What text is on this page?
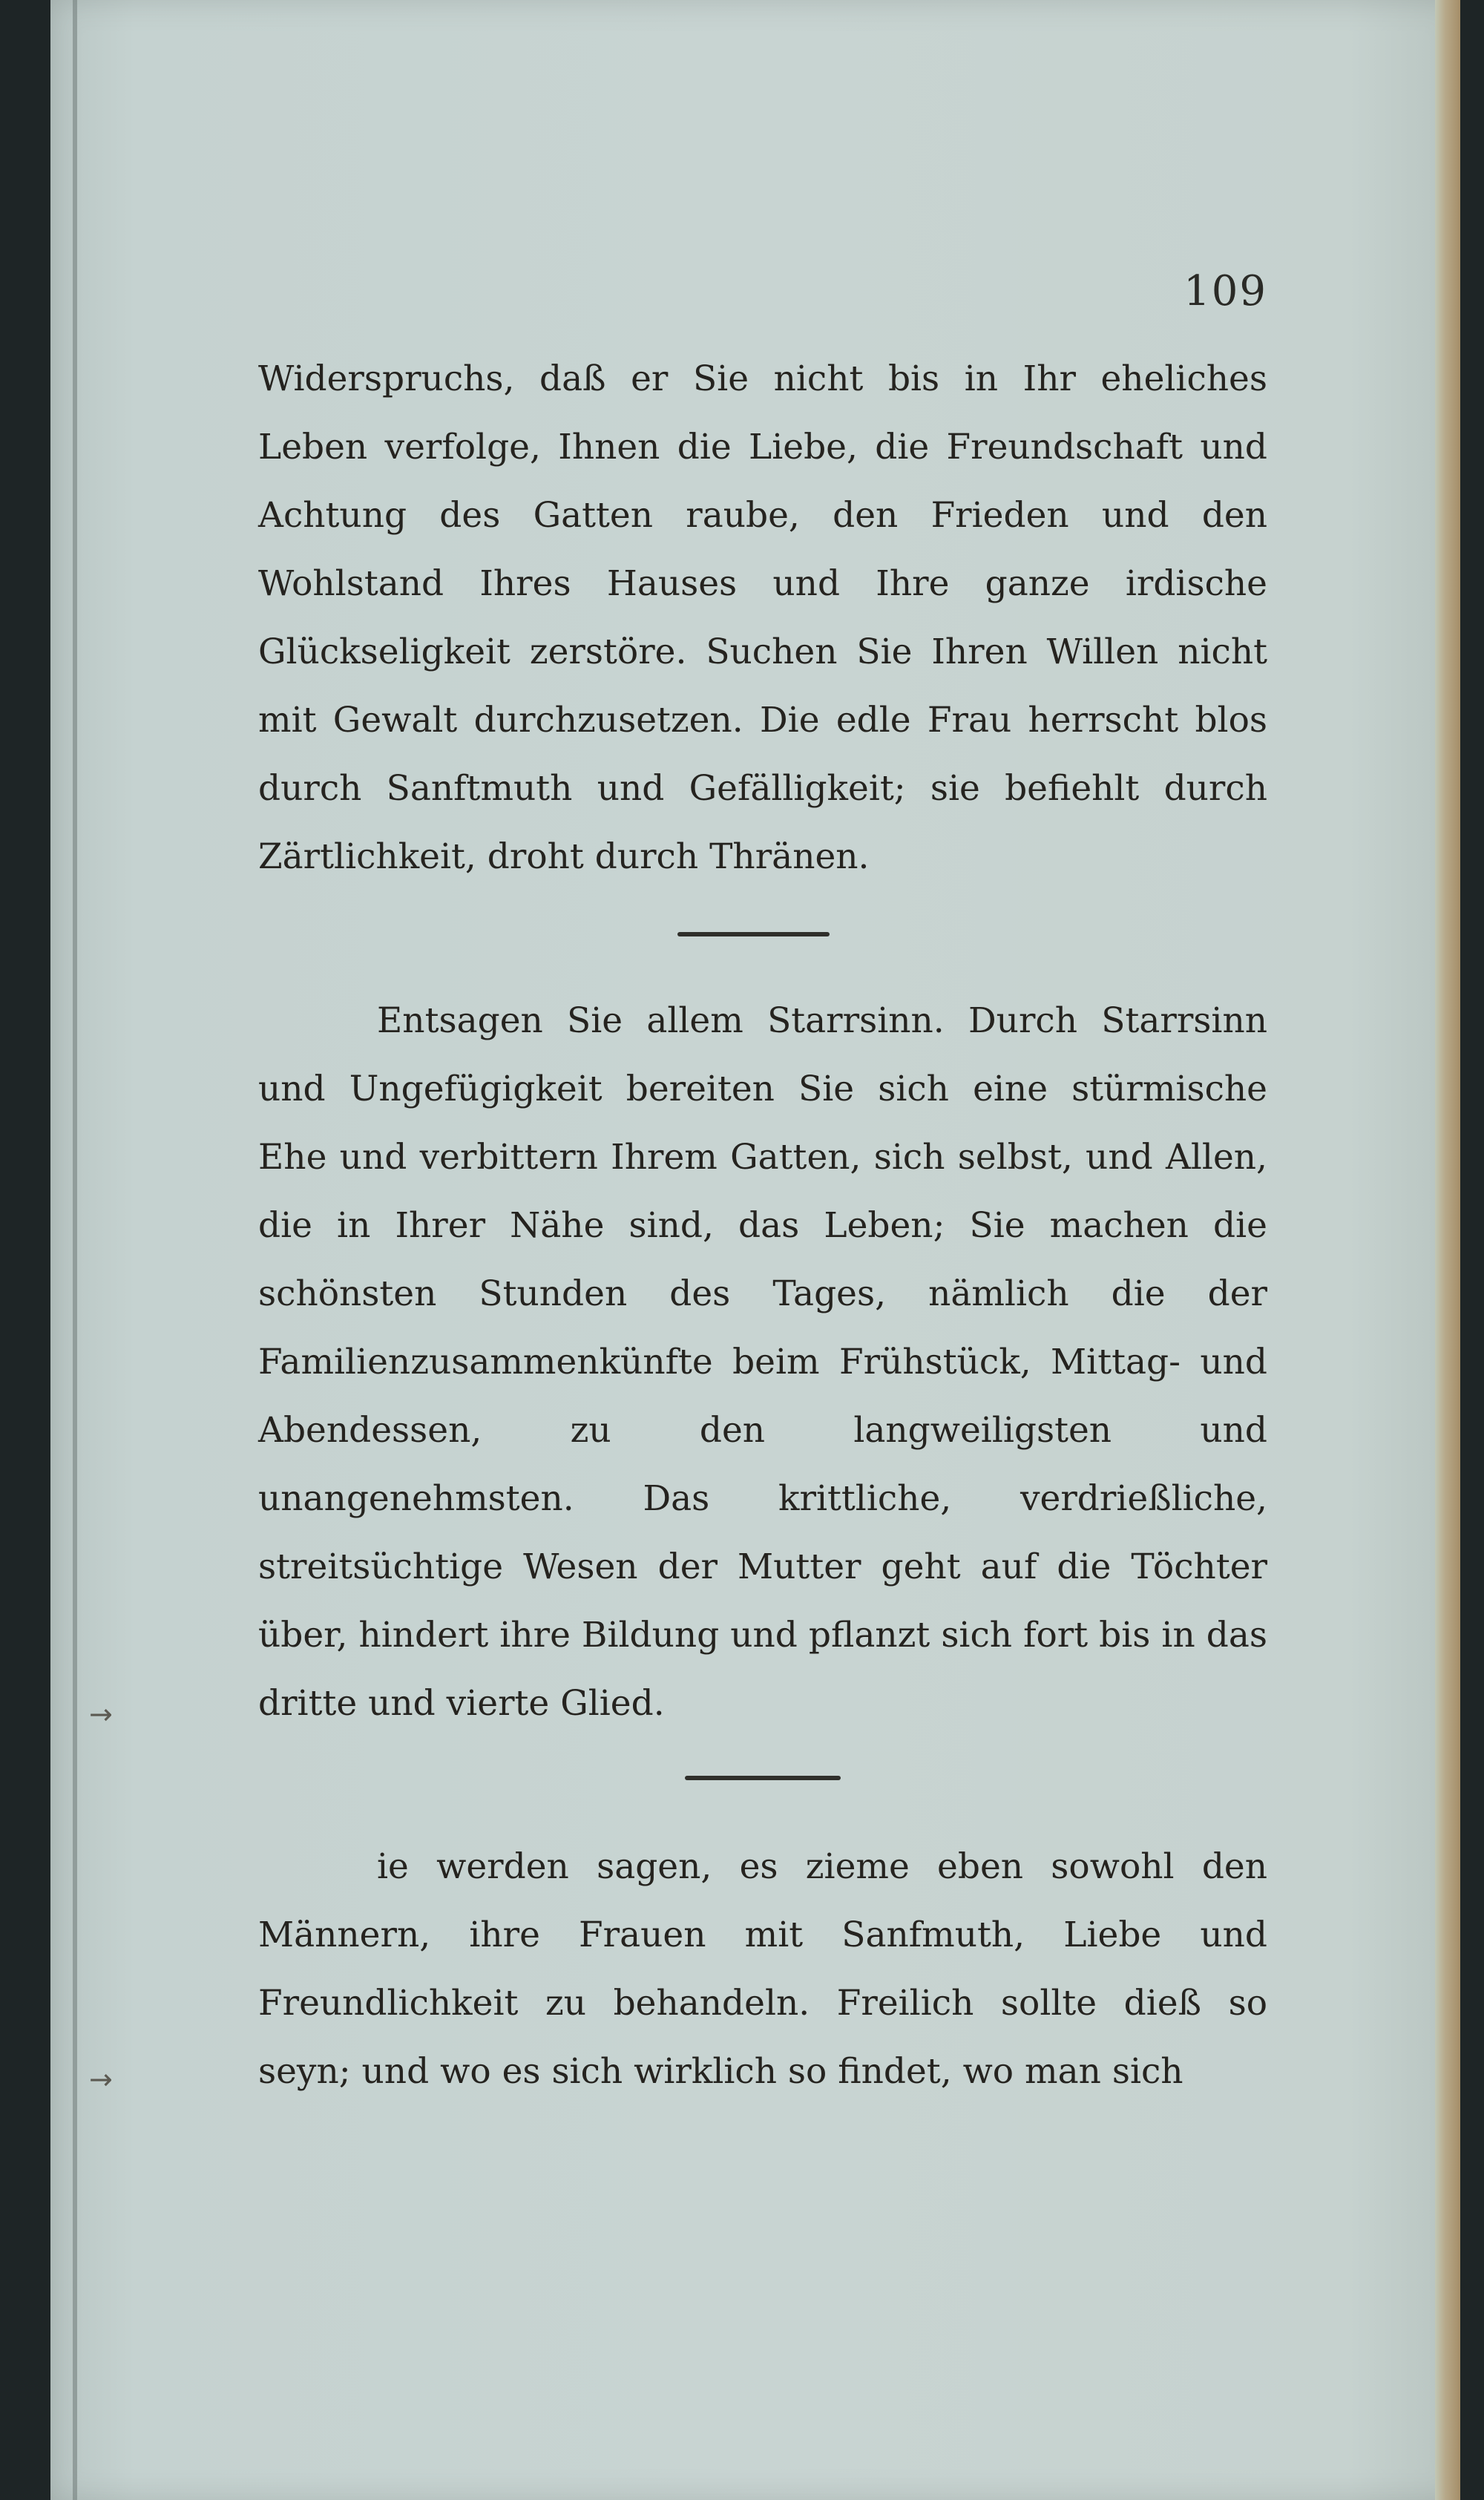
109
Widerspruchs, daß er Sie nicht bis in Ihr eheliches Leben verfolge, Ihnen die Liebe, die Freundschaft und Achtung des Gatten raube, den Frieden und den Wohlstand Ihres Hauses und Ihre ganze irdische Glückseligkeit zerstöre. Suchen Sie Ihren Willen nicht mit Gewalt durchzusetzen. Die edle Frau herrscht blos durch Sanftmuth und Gefälligkeit; sie befiehlt durch Zärtlichkeit, droht durch Thränen.
Entsagen Sie allem Starrsinn. Durch Starrsinn und Ungefügigkeit bereiten Sie sich eine stürmische Ehe und verbittern Ihrem Gatten, sich selbst, und Allen, die in Ihrer Nähe sind, das Leben; Sie machen die schönsten Stunden des Tages, nämlich die der Familienzusammenkünfte beim Frühstück, Mittag- und Abendessen, zu den langweiligsten und unangenehmsten. Das krittliche, verdrießliche, streitsüchtige Wesen der Mutter geht auf die Töchter über, hindert ihre Bildung und pflanzt sich fort bis in das dritte und vierte Glied.
ie werden sagen, es zieme eben sowohl den Männern, ihre Frauen mit Sanfmuth, Liebe und Freundlichkeit zu behandeln. Freilich sollte dieß so seyn; und wo es sich wirklich so findet, wo man sich
→
→
